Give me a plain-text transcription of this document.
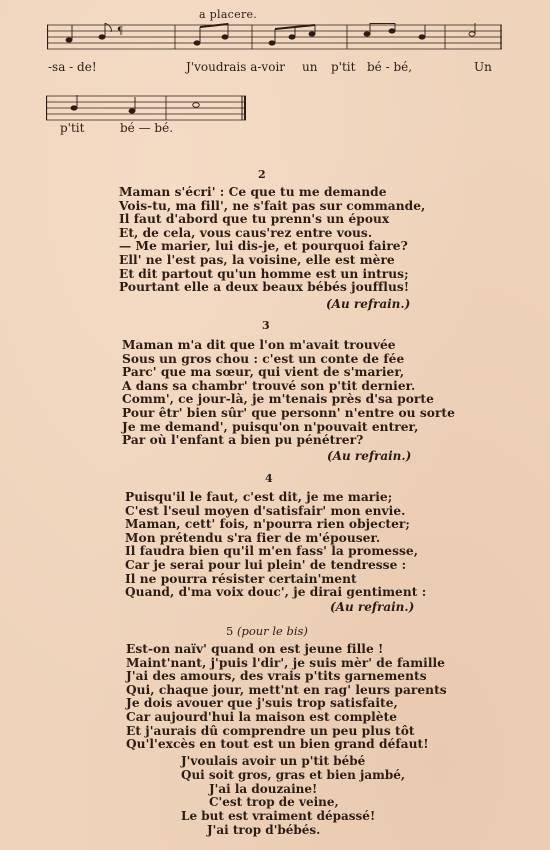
a placere.
¶
-sa - de!	J'voudrais a-voir un p'tit bé - bé,	Un
p'tit	bé — bé.
2
Maman s'écri' : Ce que tu me demande
Vois-tu, ma fill', ne s'fait pas sur commande,
Il faut d'abord que tu prenn's un époux
Et, de cela, vous caus'rez entre vous.
— Me marier, lui dis-je, et pourquoi faire?
Ell' ne l'est pas, la voisine, elle est mère
Et dit partout qu'un homme est un intrus;
Pourtant elle a deux beaux bébés joufflus!
(Au refrain.)
3
Maman m'a dit que l'on m'avait trouvée
Sous un gros chou : c'est un conte de fée
Parc' que ma sœur, qui vient de s'marier,
A dans sa chambr' trouvé son p'tit dernier.
Comm', ce jour-là, je m'tenais près d'sa porte
Pour êtr' bien sûr' que personn' n'entre ou sorte
Je me demand', puisqu'on n'pouvait entrer,
Par où l'enfant a bien pu pénétrer?
(Au refrain.)
4
Puisqu'il le faut, c'est dit, je me marie;
C'est l'seul moyen d'satisfair' mon envie.
Maman, cett' fois, n'pourra rien objecter;
Mon prétendu s'ra fier de m'épouser.
Il faudra bien qu'il m'en fass' la promesse,
Car je serai pour lui plein' de tendresse :
Il ne pourra résister certain'ment
Quand, d'ma voix douc', je dirai gentiment :
(Au refrain.)
5 (pour le bis)
Est-on naïv' quand on est jeune fille !
Maint'nant, j'puis l'dir', je suis mèr' de famille
J'ai des amours, des vrais p'tits garnements
Qui, chaque jour, mett'nt en rag' leurs parents
Je dois avouer que j'suis trop satisfaite,
Car aujourd'hui la maison est complète
Et j'aurais dû comprendre un peu plus tôt
Qu'l'excès en tout est un bien grand défaut!
J'voulais avoir un p'tit bébé
Qui soit gros, gras et bien jambé,
J'ai la douzaine!
C'est trop de veine,
Le but est vraiment dépassé!
J'ai trop d'bébés.
